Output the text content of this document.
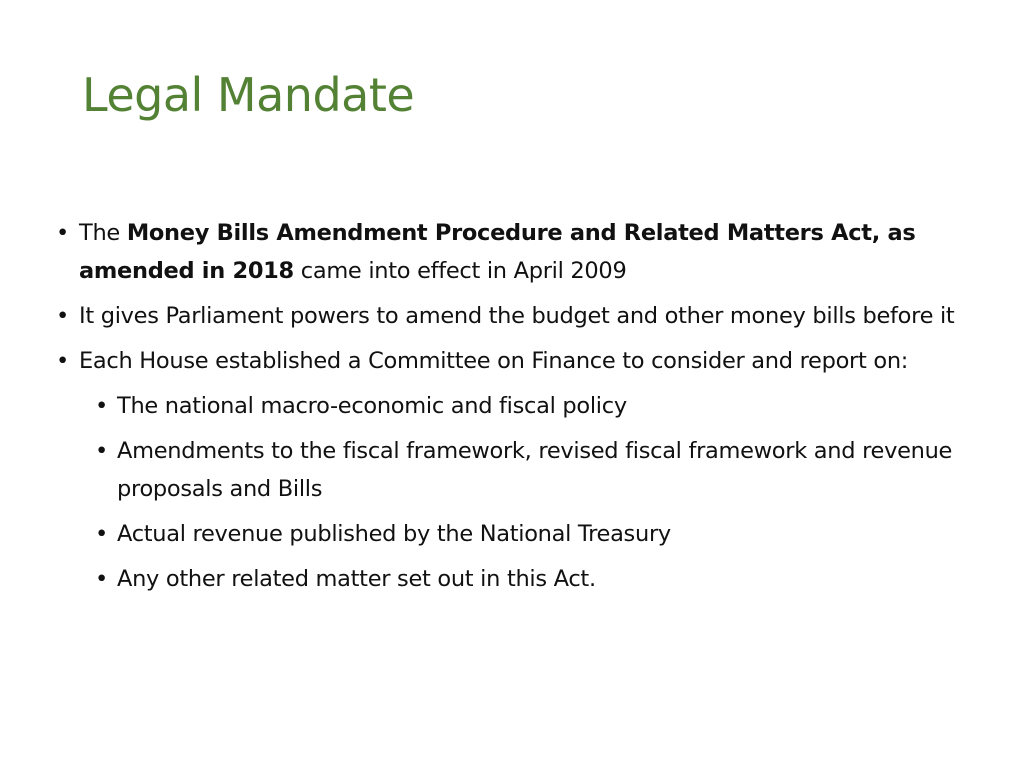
Legal Mandate
• The Money Bills Amendment Procedure and Related Matters Act, as amended in 2018 came into effect in April 2009
• It gives Parliament powers to amend the budget and other money bills before it
• Each House established a Committee on Finance to consider and report on:
• The national macro-economic and fiscal policy
• Amendments to the fiscal framework, revised fiscal framework and revenue proposals and Bills
• Actual revenue published by the National Treasury
• Any other related matter set out in this Act.
